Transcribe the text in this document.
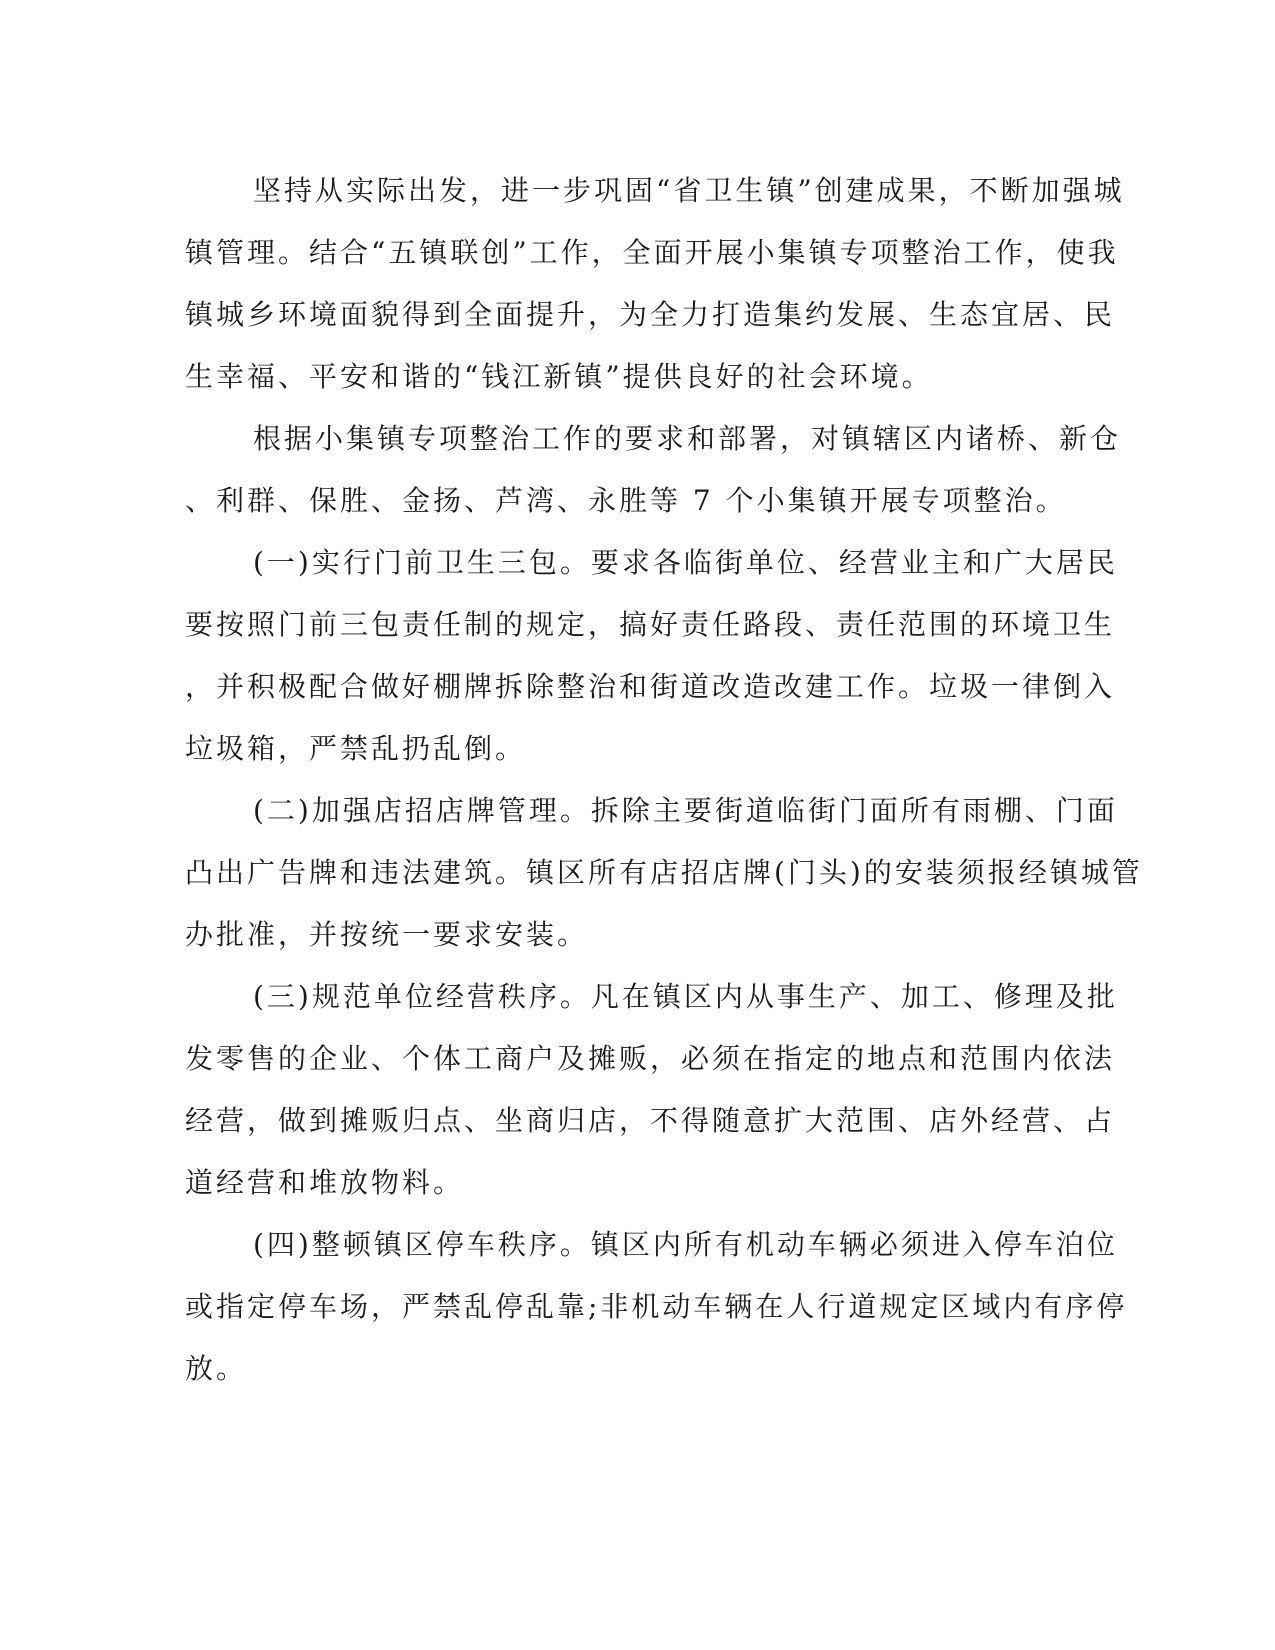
坚持从实际出发，进一步巩固“省卫生镇”创建成果，不断加强城
镇管理。结合“五镇联创”工作，全面开展小集镇专项整治工作，使我
镇城乡环境面貌得到全面提升，为全力打造集约发展、生态宜居、民
生幸福、平安和谐的“钱江新镇”提供良好的社会环境。
根据小集镇专项整治工作的要求和部署，对镇辖区内诸桥、新仓
、利群、保胜、金扬、芦湾、永胜等 7 个小集镇开展专项整治。
(一)实行门前卫生三包。要求各临街单位、经营业主和广大居民
要按照门前三包责任制的规定，搞好责任路段、责任范围的环境卫生
，并积极配合做好棚牌拆除整治和街道改造改建工作。垃圾一律倒入
垃圾箱，严禁乱扔乱倒。
(二)加强店招店牌管理。拆除主要街道临街门面所有雨棚、门面
凸出广告牌和违法建筑。镇区所有店招店牌(门头)的安装须报经镇城管
办批准，并按统一要求安装。
(三)规范单位经营秩序。凡在镇区内从事生产、加工、修理及批
发零售的企业、个体工商户及摊贩，必须在指定的地点和范围内依法
经营，做到摊贩归点、坐商归店，不得随意扩大范围、店外经营、占
道经营和堆放物料。
(四)整顿镇区停车秩序。镇区内所有机动车辆必须进入停车泊位
或指定停车场，严禁乱停乱靠;非机动车辆在人行道规定区域内有序停
放。
